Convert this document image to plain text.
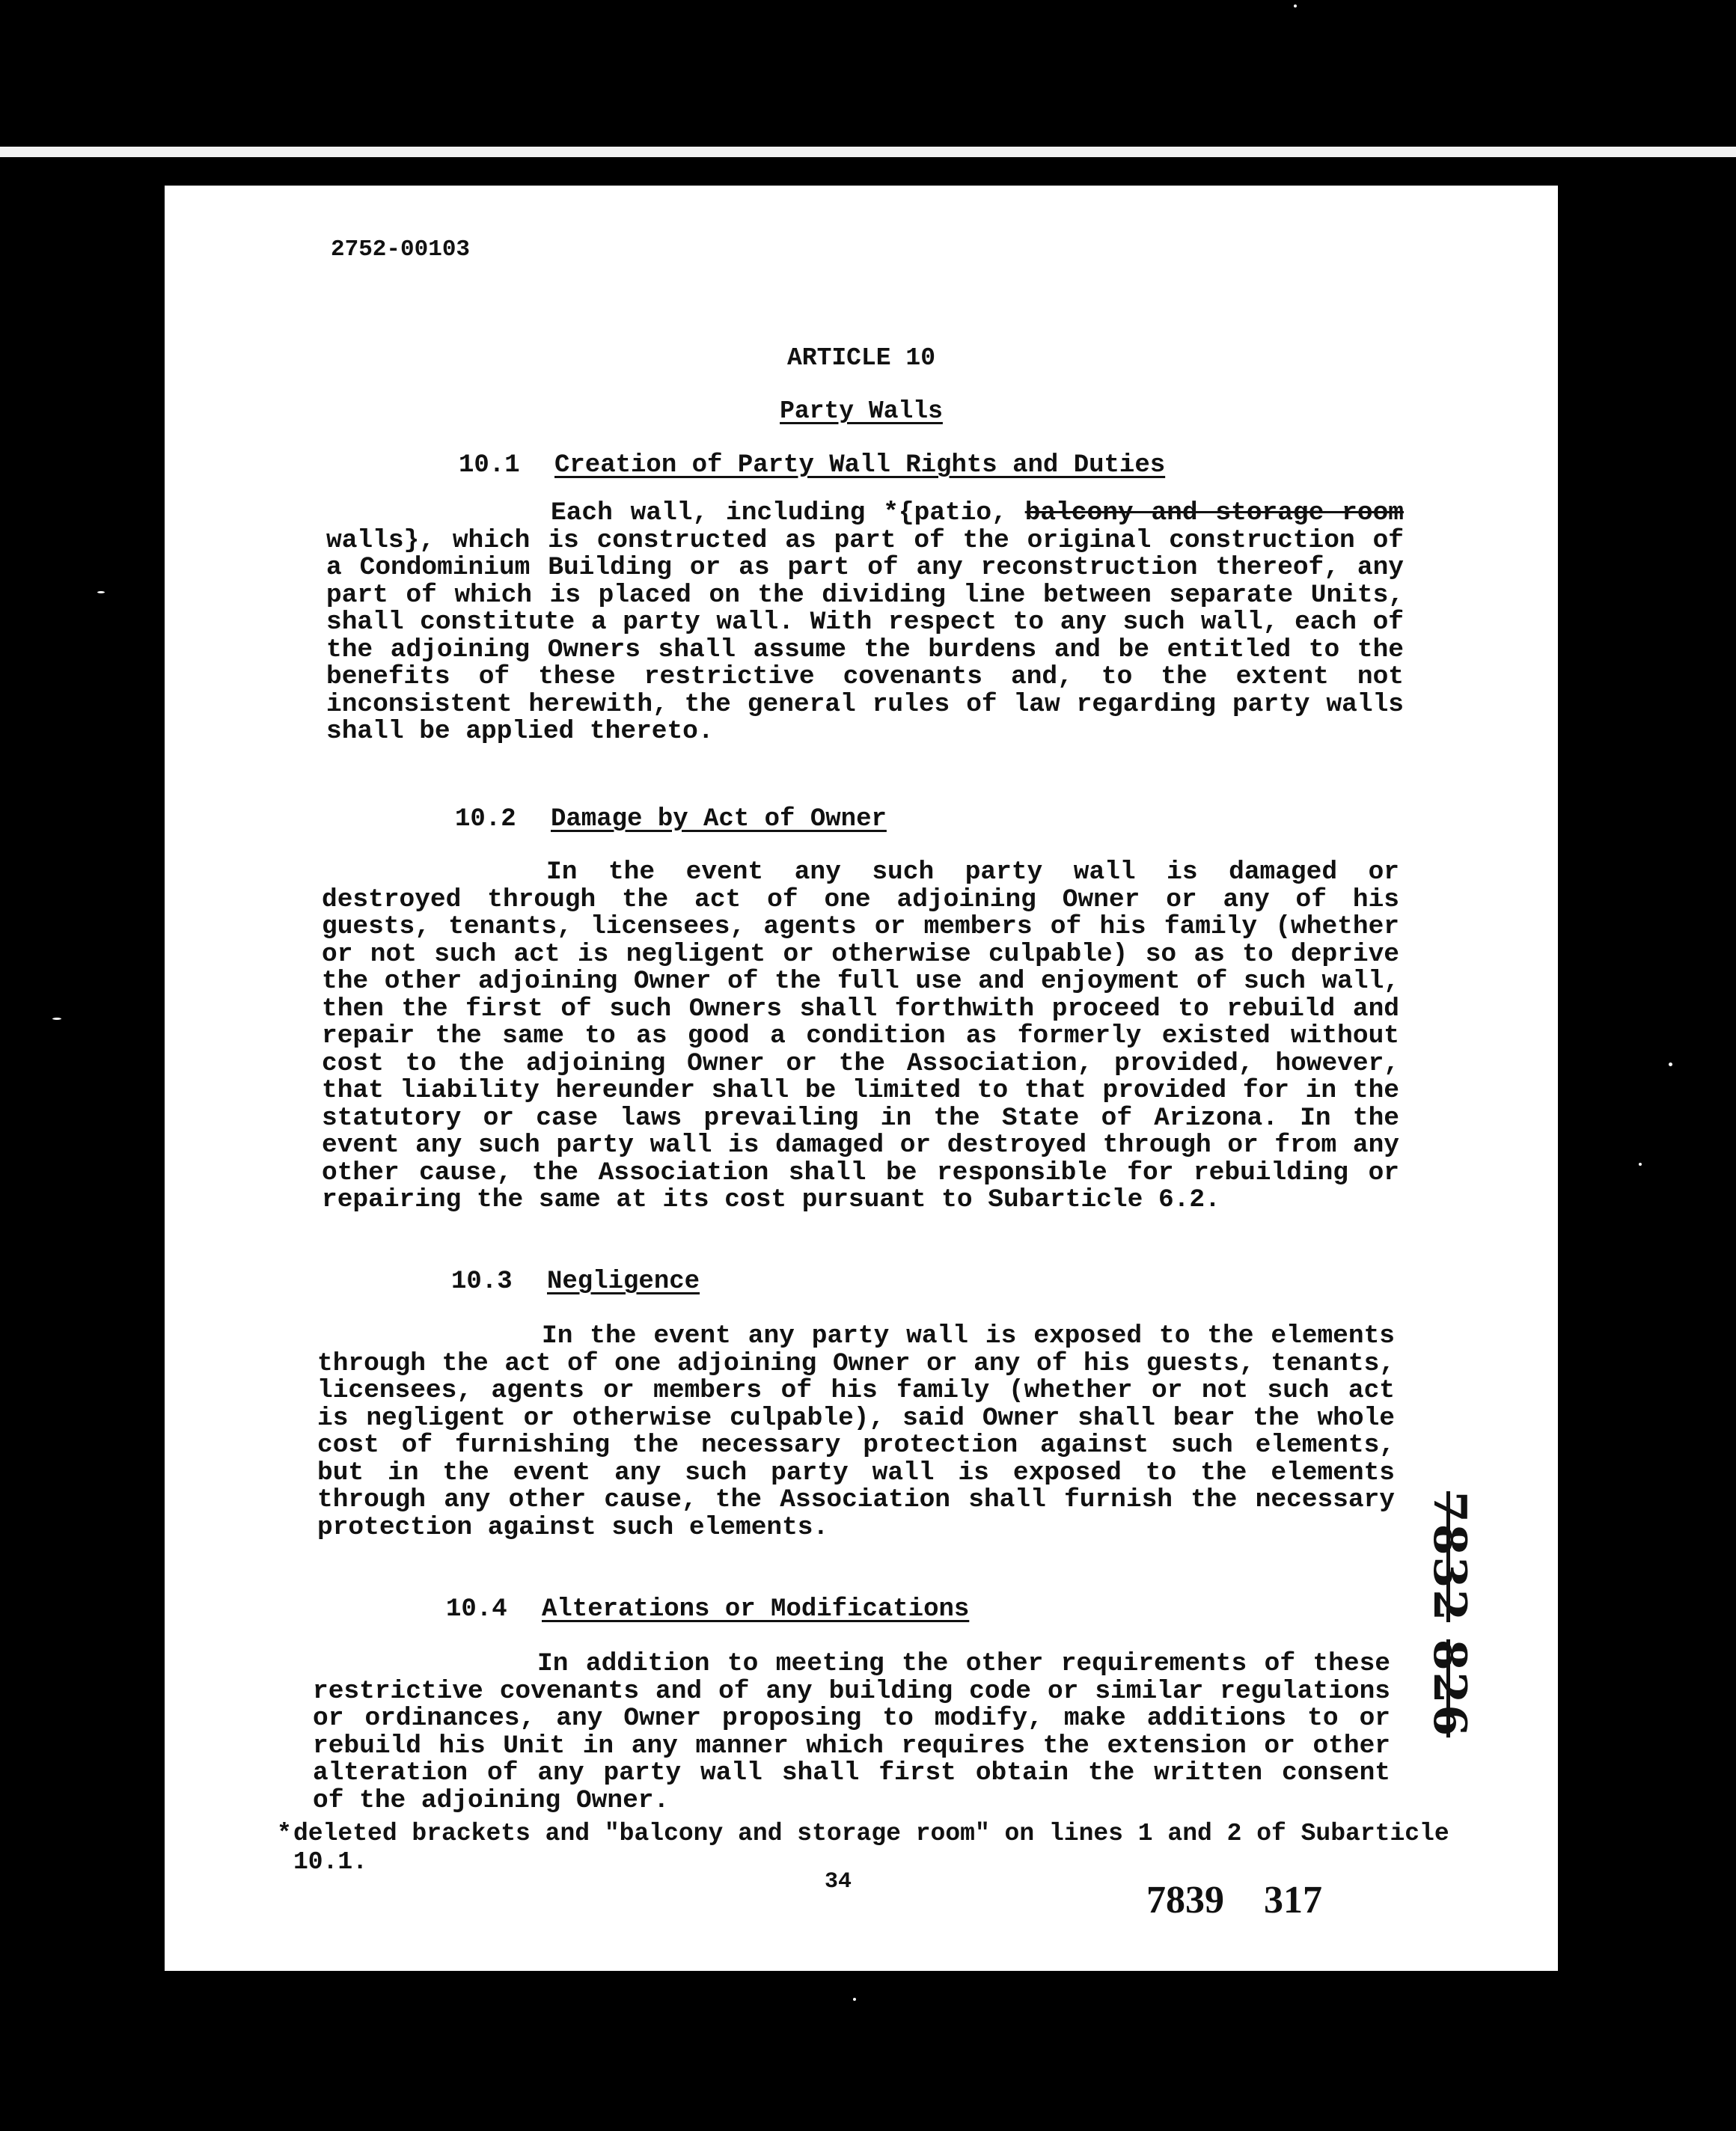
2752-00103
ARTICLE 10
Party Walls
10.1 Creation of Party Wall Rights and Duties
Each wall, including *{patio, balcony and storage room walls}, which is constructed as part of the original construction of a Condominium Building or as part of any reconstruction thereof, any part of which is placed on the dividing line between separate Units, shall constitute a party wall. With respect to any such wall, each of the adjoining Owners shall assume the burdens and be entitled to the benefits of these restrictive covenants and, to the extent not inconsistent herewith, the general rules of law regarding party walls shall be applied thereto.
10.2 Damage by Act of Owner
In the event any such party wall is damaged or destroyed through the act of one adjoining Owner or any of his guests, tenants, licensees, agents or members of his family (whether or not such act is negligent or otherwise culpable) so as to deprive the other adjoining Owner of the full use and enjoyment of such wall, then the first of such Owners shall forthwith proceed to rebuild and repair the same to as good a condition as formerly existed without cost to the adjoining Owner or the Association, provided, however, that liability hereunder shall be limited to that provided for in the statutory or case laws prevailing in the State of Arizona. In the event any such party wall is damaged or destroyed through or from any other cause, the Association shall be responsible for rebuilding or repairing the same at its cost pursuant to Subarticle 6.2.
10.3 Negligence
In the event any party wall is exposed to the elements through the act of one adjoining Owner or any of his guests, tenants, licensees, agents or members of his family (whether or not such act is negligent or otherwise culpable), said Owner shall bear the whole cost of furnishing the necessary protection against such elements, but in the event any such party wall is exposed to the elements through any other cause, the Association shall furnish the necessary protection against such elements.
10.4 Alterations or Modifications
In addition to meeting the other requirements of these restrictive covenants and of any building code or similar regulations or ordinances, any Owner proposing to modify, make additions to or rebuild his Unit in any manner which requires the extension or other alteration of any party wall shall first obtain the written consent of the adjoining Owner.
* deleted brackets and "balcony and storage room" on lines 1 and 2 of Subarticle 10.1.
34	7839 317
7832 826
